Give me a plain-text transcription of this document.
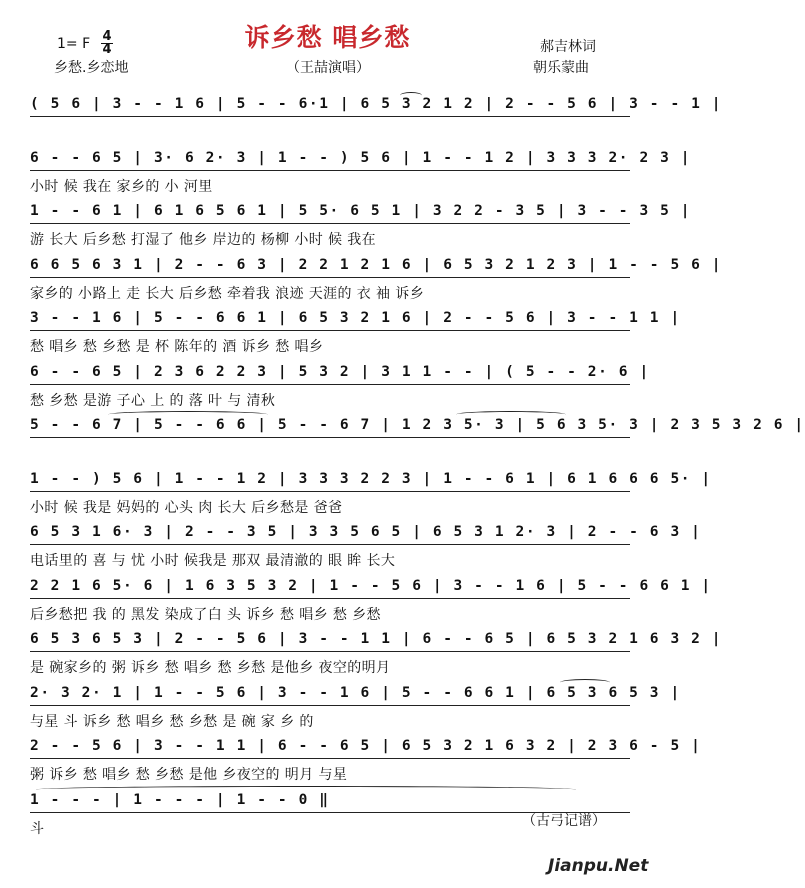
诉乡愁 唱乡愁
1= F 4
4
乡愁.乡恋地	（王喆演唱）
郝吉林词
朝乐蒙曲
( 5 6 | 3 - - 1 6 | 5 - - 6·1 | 6 5 3 2 1 2 | 2 - - 5 6 | 3 - - 1 |
6 - - 6 5 | 3· 6 2· 3 | 1 - - ) 5 6 | 1 - - 1 2 | 3 3 3 2· 2 3 |
小时 候 我在 家乡的 小 河里
1 - - 6 1 | 6 1 6 5 6 1 | 5 5· 6 5 1 | 3 2 2 - 3 5 | 3 - - 3 5 |
游 长大 后乡愁 打湿了 他乡 岸边的 杨柳 小时 候 我在
6 6 5 6 3 1 | 2 - - 6 3 | 2 2 1 2 1 6 | 6 5 3 2 1 2 3 | 1 - - 5 6 |
家乡的 小路上 走 长大 后乡愁 牵着我 浪迹 天涯的 衣 袖 诉乡
3 - - 1 6 | 5 - - 6 6 1 | 6 5 3 2 1 6 | 2 - - 5 6 | 3 - - 1 1 |
愁 唱乡 愁 乡愁 是 杯 陈年的 酒 诉乡 愁 唱乡
6 - - 6 5 | 2 3 6 2 2 3 | 5 3 2 | 3 1 1 - - | ( 5 - - 2· 6 |
愁 乡愁 是游 子心 上 的 落 叶 与 清秋
5 - - 6 7 | 5 - - 6 6 | 5 - - 6 7 | 1 2 3 5· 3 | 5 6 3 5· 3 | 2 3 5 3 2 6 |
1 - - ) 5 6 | 1 - - 1 2 | 3 3 3 2 2 3 | 1 - - 6 1 | 6 1 6 6 6 5· |
小时 候 我是 妈妈的 心头 肉 长大 后乡愁是 爸爸
6 5 3 1 6· 3 | 2 - - 3 5 | 3 3 5 6 5 | 6 5 3 1 2· 3 | 2 - - 6 3 |
电话里的 喜 与 忧 小时 候我是 那双 最清澈的 眼 眸 长大
2 2 1 6 5· 6 | 1 6 3 5 3 2 | 1 - - 5 6 | 3 - - 1 6 | 5 - - 6 6 1 |
后乡愁把 我 的 黑发 染成了白 头 诉乡 愁 唱乡 愁 乡愁
6 5 3 6 5 3 | 2 - - 5 6 | 3 - - 1 1 | 6 - - 6 5 | 6 5 3 2 1 6 3 2 |
是 碗家乡的 粥 诉乡 愁 唱乡 愁 乡愁 是他乡 夜空的明月
2· 3 2· 1 | 1 - - 5 6 | 3 - - 1 6 | 5 - - 6 6 1 | 6 5 3 6 5 3 |
与星 斗 诉乡 愁 唱乡 愁 乡愁 是 碗 家 乡 的
2 - - 5 6 | 3 - - 1 1 | 6 - - 6 5 | 6 5 3 2 1 6 3 2 | 2 3 6 - 5 |
粥 诉乡 愁 唱乡 愁 乡愁 是他 乡夜空的 明月 与星
1 - - - | 1 - - - | 1 - - 0 ‖
斗	（古弓记谱）
Jianpu.Net
